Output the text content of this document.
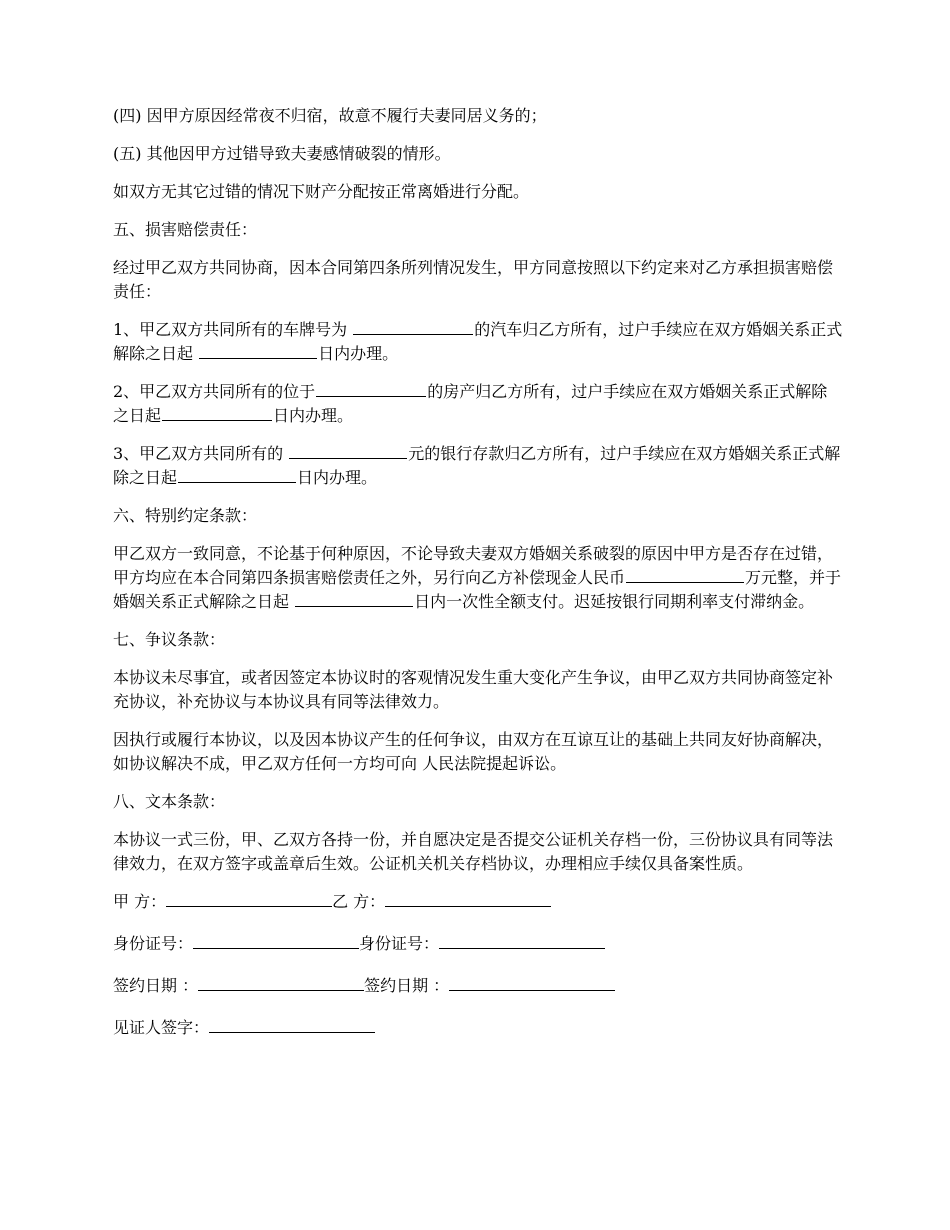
(四) 因甲方原因经常夜不归宿，故意不履行夫妻同居义务的；

(五) 其他因甲方过错导致夫妻感情破裂的情形。

如双方无其它过错的情况下财产分配按正常离婚进行分配。

五、损害赔偿责任：

经过甲乙双方共同协商，因本合同第四条所列情况发生，甲方同意按照以下约定来对乙方承担损害赔偿责任：

1、甲乙双方共同所有的车牌号为	的汽车归乙方所有，过户手续应在双方婚姻关系正式解除之日起	日内办理。

2、甲乙双方共同所有的位于	的房产归乙方所有，过户手续应在双方婚姻关系正式解除之日起	日内办理。

3、甲乙双方共同所有的	元的银行存款归乙方所有，过户手续应在双方婚姻关系正式解除之日起	日内办理。

六、特别约定条款：

甲乙双方一致同意，不论基于何种原因，不论导致夫妻双方婚姻关系破裂的原因中甲方是否存在过错，甲方均应在本合同第四条损害赔偿责任之外，另行向乙方补偿现金人民币	万元整，并于婚姻关系正式解除之日起	日内一次性全额支付。迟延按银行同期利率支付滞纳金。

七、争议条款：

本协议未尽事宜，或者因签定本协议时的客观情况发生重大变化产生争议，由甲乙双方共同协商签定补充协议，补充协议与本协议具有同等法律效力。

因执行或履行本协议，以及因本协议产生的任何争议，由双方在互谅互让的基础上共同友好协商解决，如协议解决不成，甲乙双方任何一方均可向 人民法院提起诉讼。

八、文本条款：

本协议一式三份，甲、乙双方各持一份，并自愿决定是否提交公证机关存档一份，三份协议具有同等法律效力，在双方签字或盖章后生效。公证机关机关存档协议，办理相应手续仅具备案性质。

甲 方：	乙 方：
身份证号：	身份证号：
签约日期 ：	签约日期 ：
见证人签字：
